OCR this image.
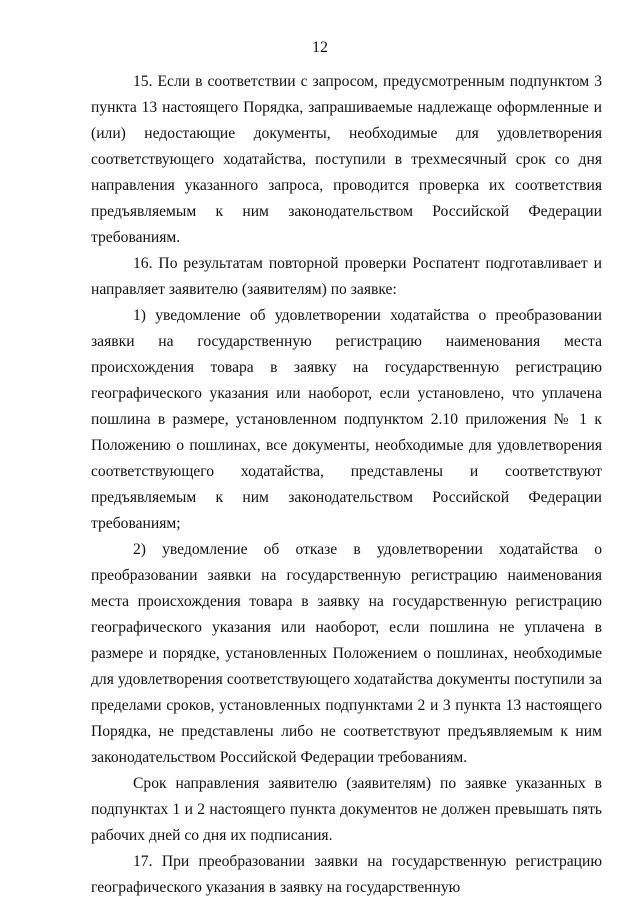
12

15. Если в соответствии с запросом, предусмотренным подпунктом 3 пункта 13 настоящего Порядка, запрашиваемые надлежаще оформленные и (или) недостающие документы, необходимые для удовлетворения соответствующего ходатайства, поступили в трехмесячный срок со дня направления указанного запроса, проводится проверка их соответствия предъявляемым к ним законодательством Российской Федерации требованиям.

16. По результатам повторной проверки Роспатент подготавливает и направляет заявителю (заявителям) по заявке:

1) уведомление об удовлетворении ходатайства о преобразовании заявки на государственную регистрацию наименования места происхождения товара в заявку на государственную регистрацию географического указания или наоборот, если установлено, что уплачена пошлина в размере, установленном подпунктом 2.10 приложения № 1 к Положению о пошлинах, все документы, необходимые для удовлетворения соответствующего ходатайства, представлены и соответствуют предъявляемым к ним законодательством Российской Федерации требованиям;

2) уведомление об отказе в удовлетворении ходатайства о преобразовании заявки на государственную регистрацию наименования места происхождения товара в заявку на государственную регистрацию географического указания или наоборот, если пошлина не уплачена в размере и порядке, установленных Положением о пошлинах, необходимые для удовлетворения соответствующего ходатайства документы поступили за пределами сроков, установленных подпунктами 2 и 3 пункта 13 настоящего Порядка, не представлены либо не соответствуют предъявляемым к ним законодательством Российской Федерации требованиям.

Срок направления заявителю (заявителям) по заявке указанных в подпунктах 1 и 2 настоящего пункта документов не должен превышать пять рабочих дней со дня их подписания.

17. При преобразовании заявки на государственную регистрацию географического указания в заявку на государственную
